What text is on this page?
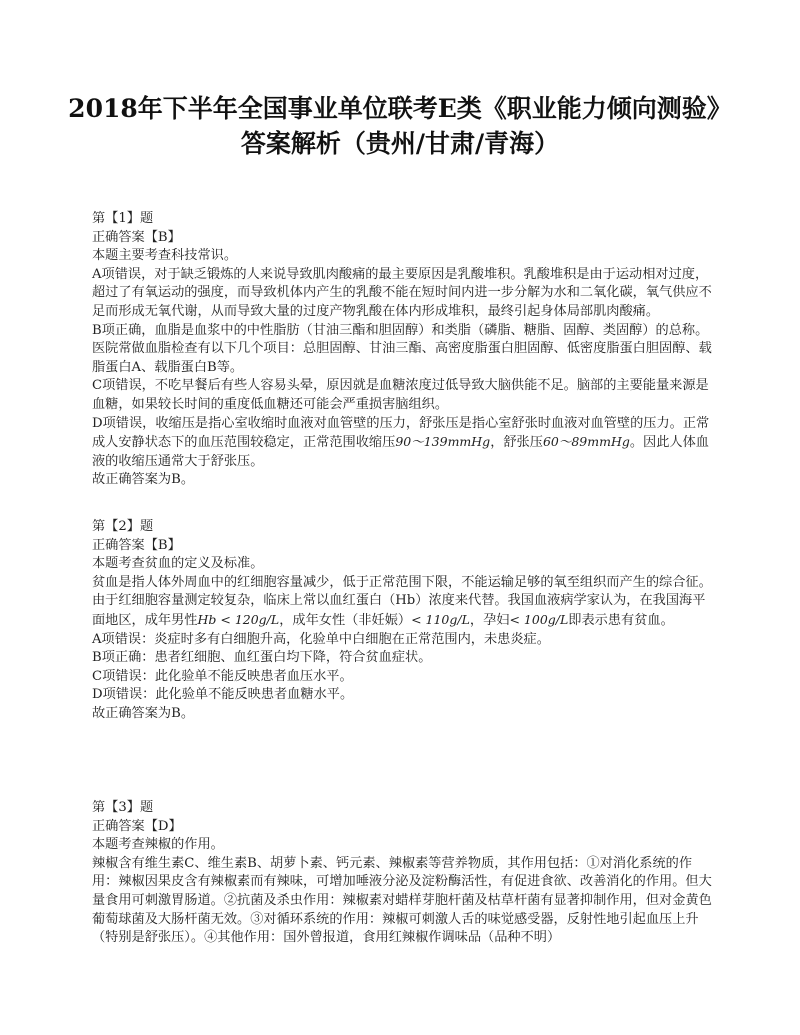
2018年下半年全国事业单位联考E类《职业能力倾向测验》
答案解析（贵州/甘肃/青海）

第【1】题

正确答案【B】

本题主要考查科技常识。

A项错误，对于缺乏锻炼的人来说导致肌肉酸痛的最主要原因是乳酸堆积。乳酸堆积是由于运动相对过度，超过了有氧运动的强度，而导致机体内产生的乳酸不能在短时间内进一步分解为水和二氧化碳，氧气供应不足而形成无氧代谢，从而导致大量的过度产物乳酸在体内形成堆积，最终引起身体局部肌肉酸痛。

B项正确，血脂是血浆中的中性脂肪（甘油三酯和胆固醇）和类脂（磷脂、糖脂、固醇、类固醇）的总称。医院常做血脂检查有以下几个项目：总胆固醇、甘油三酯、高密度脂蛋白胆固醇、低密度脂蛋白胆固醇、载脂蛋白A、载脂蛋白B等。

C项错误，不吃早餐后有些人容易头晕，原因就是血糖浓度过低导致大脑供能不足。脑部的主要能量来源是血糖，如果较长时间的重度低血糖还可能会严重损害脑组织。

D项错误，收缩压是指心室收缩时血液对血管壁的压力，舒张压是指心室舒张时血液对血管壁的压力。正常成人安静状态下的血压范围较稳定，正常范围收缩压90～139mmHg，舒张压60～89mmHg。因此人体血液的收缩压通常大于舒张压。

故正确答案为B。

第【2】题

正确答案【B】

本题考查贫血的定义及标准。

贫血是指人体外周血中的红细胞容量减少，低于正常范围下限，不能运输足够的氧至组织而产生的综合征。由于红细胞容量测定较复杂，临床上常以血红蛋白（Hb）浓度来代替。我国血液病学家认为，在我国海平面地区，成年男性Hb < 120g/L，成年女性（非妊娠）< 110g/L，孕妇< 100g/L即表示患有贫血。

A项错误：炎症时多有白细胞升高，化验单中白细胞在正常范围内，未患炎症。

B项正确：患者红细胞、血红蛋白均下降，符合贫血症状。

C项错误：此化验单不能反映患者血压水平。

D项错误：此化验单不能反映患者血糖水平。

故正确答案为B。

第【3】题

正确答案【D】

本题考查辣椒的作用。

辣椒含有维生素C、维生素B、胡萝卜素、钙元素、辣椒素等营养物质，其作用包括：①对消化系统的作用：辣椒因果皮含有辣椒素而有辣味，可增加唾液分泌及淀粉酶活性，有促进食欲、改善消化的作用。但大量食用可刺激胃肠道。②抗菌及杀虫作用：辣椒素对蜡样芽胞杆菌及枯草杆菌有显著抑制作用，但对金黄色葡萄球菌及大肠杆菌无效。③对循环系统的作用：辣椒可刺激人舌的味觉感受器，反射性地引起血压上升（特别是舒张压）。④其他作用：国外曾报道，食用红辣椒作调味品（品种不明）
